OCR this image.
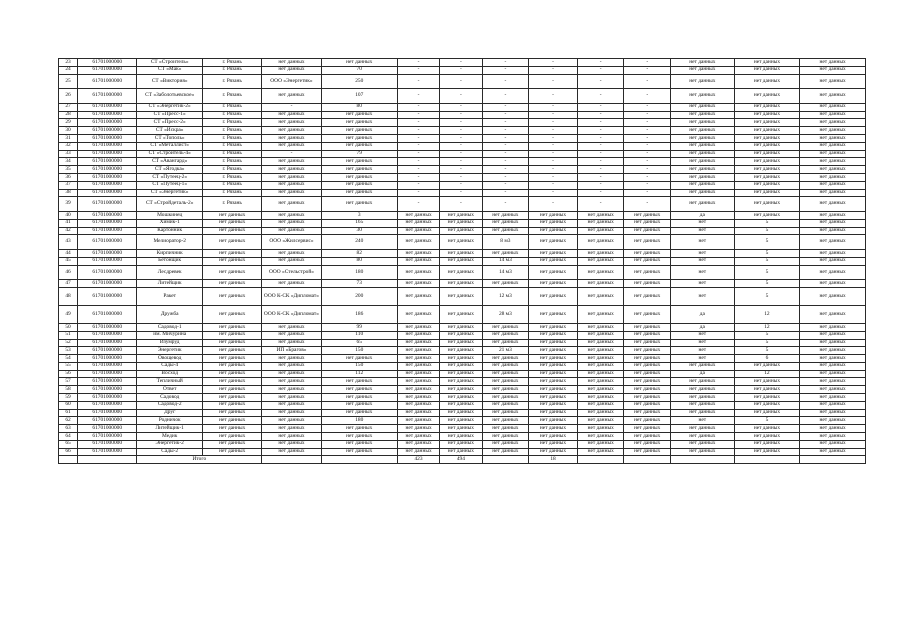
23	61701000000	СТ «Строитель»	г. Рязань	нет данных	нет данных	-	-	-	-	-	-	нет данных	нет данных	нет данных
24	61701000000	СТ «Мак»	г. Рязань	нет данных	70	-	-	-	-	-	-	нет данных	нет данных	нет данных
25	61701000000	СТ «Виктория»	г. Рязань	ООО «Энергетик»	250	-	-	-	-	-	-	нет данных	нет данных	нет данных
26	61701000000	СТ «Заболотьевское»	г. Рязань	нет данных	107	-	-	-	-	-	-	нет данных	нет данных	нет данных
27	61701000000	СТ «Энергетик-2»	г. Рязань	-	80	-	-	-	-	-	-	нет данных	нет данных	нет данных
28	61701000000	СТ «Пресс-1»	г. Рязань	нет данных	нет данных	-	-	-	-	-	-	нет данных	нет данных	нет данных
29	61701000000	СТ «Пресс-2»	г. Рязань	нет данных	нет данных	-	-	-	-	-	-	нет данных	нет данных	нет данных
30	61701000000	СТ «Искра»	г. Рязань	нет данных	нет данных	-	-	-	-	-	-	нет данных	нет данных	нет данных
31	61701000000	СТ «Тополь»	г. Рязань	нет данных	нет данных	-	-	-	-	-	-	нет данных	нет данных	нет данных
32	61701000000	СТ «Металлист»	г. Рязань	нет данных	нет данных	-	-	-	-	-	-	нет данных	нет данных	нет данных
33	61701000000	СТ «Строитель-4»	г. Рязань	-	79	-	-	-	-	-	-	нет данных	нет данных	нет данных
34	61701000000	СТ «Авангард»	г. Рязань	нет данных	нет данных	-	-	-	-	-	-	нет данных	нет данных	нет данных
35	61701000000	СТ «Ягодка»	г. Рязань	нет данных	нет данных	-	-	-	-	-	-	нет данных	нет данных	нет данных
36	61701000000	СТ «Путеец-2»	г. Рязань	нет данных	нет данных	-	-	-	-	-	-	нет данных	нет данных	нет данных
37	61701000000	СТ «Путеец-1»	г. Рязань	нет данных	нет данных	-	-	-	-	-	-	нет данных	нет данных	нет данных
38	61701000000	СТ «Энергетик»	г. Рязань	нет данных	нет данных	-	-	-	-	-	-	нет данных	нет данных	нет данных
39	61701000000	СТ «Стройдеталь-2»	г. Рязань	нет данных	нет данных	-	-	-	-	-	-	нет данных	нет данных	нет данных
40	61701000000	Мошкинец	нет данных	нет данных	3	нет данных	нет данных	нет данных	нет данных	нет данных	нет данных	да	нет данных	нет данных
41	61701000000	Химик-1	нет данных	нет данных	165	нет данных	нет данных	нет данных	нет данных	нет данных	нет данных	нет	5	нет данных
42	61701000000	Картонник	нет данных	нет данных	30	нет данных	нет данных	нет данных	нет данных	нет данных	нет данных	нет	5	нет данных
43	61701000000	Мелиоратор-2	нет данных	ООО «Жилсервис»	240	нет данных	нет данных	8 м3	нет данных	нет данных	нет данных	нет	5	нет данных
44	61701000000	Кирпичник	нет данных	нет данных	82	нет данных	нет данных	нет данных	нет данных	нет данных	нет данных	нет	5	нет данных
45	61701000000	Бетонщик	нет данных	нет данных	80	нет данных	нет данных	14 м3	нет данных	нет данных	нет данных	нет	5	нет данных
46	61701000000	Лесдревек	нет данных	ООО «Стельстрой»	180	нет данных	нет данных	14 м3	нет данных	нет данных	нет данных	нет	5	нет данных
47	61701000000	Литейщик	нет данных	нет данных	73	нет данных	нет данных	нет данных	нет данных	нет данных	нет данных	нет	5	нет данных
48	61701000000	Ракет	нет данных	ООО К-СК «Дипломат»	200	нет данных	нет данных	12 м3	нет данных	нет данных	нет данных	нет	5	нет данных
49	61701000000	Дружба	нет данных	ООО К-СК «Дипломат»	186	нет данных	нет данных	28 м3	нет данных	нет данных	нет данных	да	12	нет данных
50	61701000000	Садовод-1	нет данных	нет данных	99	нет данных	нет данных	нет данных	нет данных	нет данных	нет данных	да	12	нет данных
51	61701000000	им. Мичурина	нет данных	нет данных	110	нет данных	нет данных	нет данных	нет данных	нет данных	нет данных	нет	5	нет данных
52	61701000000	Изумруд	нет данных	нет данных	65	нет данных	нет данных	нет данных	нет данных	нет данных	нет данных	нет	5	нет данных
53	61701000000	Энергетик	нет данных	ИП «Брагов»	150	нет данных	нет данных	21 м3	нет данных	нет данных	нет данных	нет	5	нет данных
54	61701000000	Овощевод	нет данных	нет данных	нет данных	нет данных	нет данных	нет данных	нет данных	нет данных	нет данных	нет	6	нет данных
55	61701000000	Сады-4	нет данных	нет данных	150	нет данных	нет данных	нет данных	нет данных	нет данных	нет данных	нет данных	нет данных	нет данных
56	61701000000	Восход	нет данных	нет данных	112	нет данных	нет данных	нет данных	нет данных	нет данных	нет данных	да	12	нет данных
57	61701000000	Тепличный	нет данных	нет данных	нет данных	нет данных	нет данных	нет данных	нет данных	нет данных	нет данных	нет данных	нет данных	нет данных
58	61701000000	Ответ	нет данных	нет данных	нет данных	нет данных	нет данных	нет данных	нет данных	нет данных	нет данных	нет данных	нет данных	нет данных
59	61701000000	Садовод	нет данных	нет данных	нет данных	нет данных	нет данных	нет данных	нет данных	нет данных	нет данных	нет данных	нет данных	нет данных
60	61701000000	Садовод-2	нет данных	нет данных	нет данных	нет данных	нет данных	нет данных	нет данных	нет данных	нет данных	нет данных	нет данных	нет данных
61	61701000000	Друг	нет данных	нет данных	нет данных	нет данных	нет данных	нет данных	нет данных	нет данных	нет данных	нет данных	нет данных	нет данных
62	61701000000	Родничок	нет данных	нет данных	180	нет данных	нет данных	нет данных	нет данных	нет данных	нет данных	нет	5	нет данных
63	61701000000	Литейщик-1	нет данных	нет данных	нет данных	нет данных	нет данных	нет данных	нет данных	нет данных	нет данных	нет данных	нет данных	нет данных
64	61701000000	Медик	нет данных	нет данных	нет данных	нет данных	нет данных	нет данных	нет данных	нет данных	нет данных	нет данных	нет данных	нет данных
65	61701000000	Энергетик-2	нет данных	нет данных	нет данных	нет данных	нет данных	нет данных	нет данных	нет данных	нет данных	нет данных	нет данных	нет данных
66	61701000000	Сады-2	нет данных	нет данных	нет данных	нет данных	нет данных	нет данных	нет данных	нет данных	нет данных	нет данных	нет данных	нет данных
		Итого				423	494		18					
